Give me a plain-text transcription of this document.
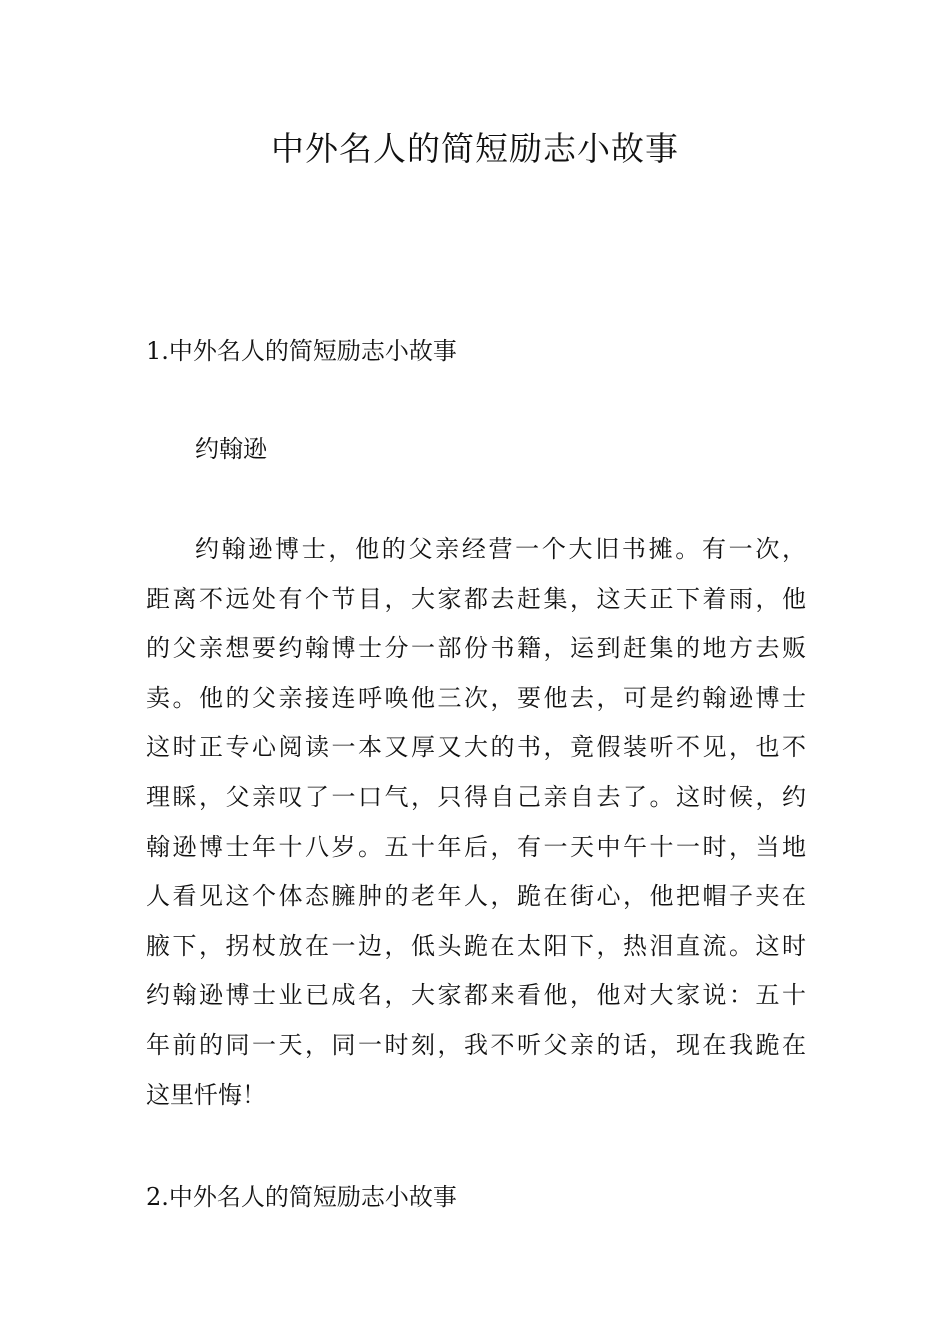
中外名人的简短励志小故事
1.中外名人的简短励志小故事

约翰逊

约翰逊博士，他的父亲经营一个大旧书摊。有一次，
距离不远处有个节目，大家都去赶集，这天正下着雨，他
的父亲想要约翰博士分一部份书籍，运到赶集的地方去贩
卖。他的父亲接连呼唤他三次，要他去，可是约翰逊博士
这时正专心阅读一本又厚又大的书，竟假装听不见，也不
理睬，父亲叹了一口气，只得自己亲自去了。这时候，约
翰逊博士年十八岁。五十年后，有一天中午十一时，当地
人看见这个体态臃肿的老年人，跪在街心，他把帽子夹在
腋下，拐杖放在一边，低头跪在太阳下，热泪直流。这时
约翰逊博士业已成名，大家都来看他，他对大家说：五十
年前的同一天，同一时刻，我不听父亲的话，现在我跪在
这里忏悔！
2.中外名人的简短励志小故事
